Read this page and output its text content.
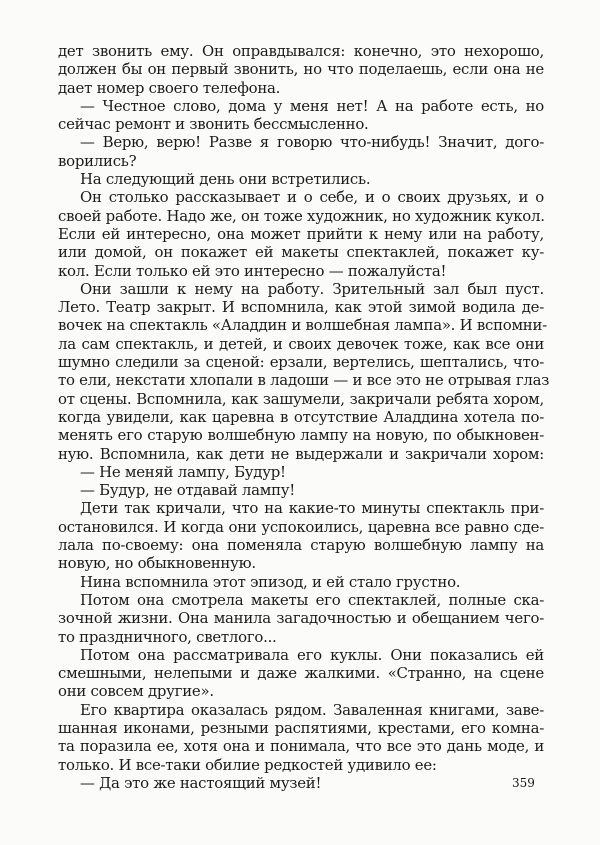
дет звонить ему. Он оправдывался: конечно, это нехорошо,
должен бы он первый звонить, но что поделаешь, если она не
дает номер своего телефона.
— Честное слово, дома у меня нет! А на работе есть, но
сейчас ремонт и звонить бессмысленно.
— Верю, верю! Разве я говорю что-нибудь! Значит, дого-
ворились?
На следующий день они встретились.
Он столько рассказывает и о себе, и о своих друзьях, и о
своей работе. Надо же, он тоже художник, но художник кукол.
Если ей интересно, она может прийти к нему или на работу,
или домой, он покажет ей макеты спектаклей, покажет ку-
кол. Если только ей это интересно — пожалуйста!
Они зашли к нему на работу. Зрительный зал был пуст.
Лето. Театр закрыт. И вспомнила, как этой зимой водила де-
вочек на спектакль «Аладдин и волшебная лампа». И вспомни-
ла сам спектакль, и детей, и своих девочек тоже, как все они
шумно следили за сценой: ерзали, вертелись, шептались, что-
то ели, некстати хлопали в ладоши — и все это не отрывая глаз
от сцены. Вспомнила, как зашумели, закричали ребята хором,
когда увидели, как царевна в отсутствие Аладдина хотела по-
менять его старую волшебную лампу на новую, по обыкновен-
ную. Вспомнила, как дети не выдержали и закричали хором:
— Не меняй лампу, Будур!
— Будур, не отдавай лампу!
Дети так кричали, что на какие-то минуты спектакль при-
остановился. И когда они успокоились, царевна все равно сде-
лала по-своему: она поменяла старую волшебную лампу на
новую, но обыкновенную.
Нина вспомнила этот эпизод, и ей стало грустно.
Потом она смотрела макеты его спектаклей, полные ска-
зочной жизни. Она манила загадочностью и обещанием чего-
то праздничного, светлого...
Потом она рассматривала его куклы. Они показались ей
смешными, нелепыми и даже жалкими. «Странно, на сцене
они совсем другие».
Его квартира оказалась рядом. Заваленная книгами, заве-
шанная иконами, резными распятиями, крестами, его комна-
та поразила ее, хотя она и понимала, что все это дань моде, и
только. И все-таки обилие редкостей удивило ее:
— Да это же настоящий музей!	359
